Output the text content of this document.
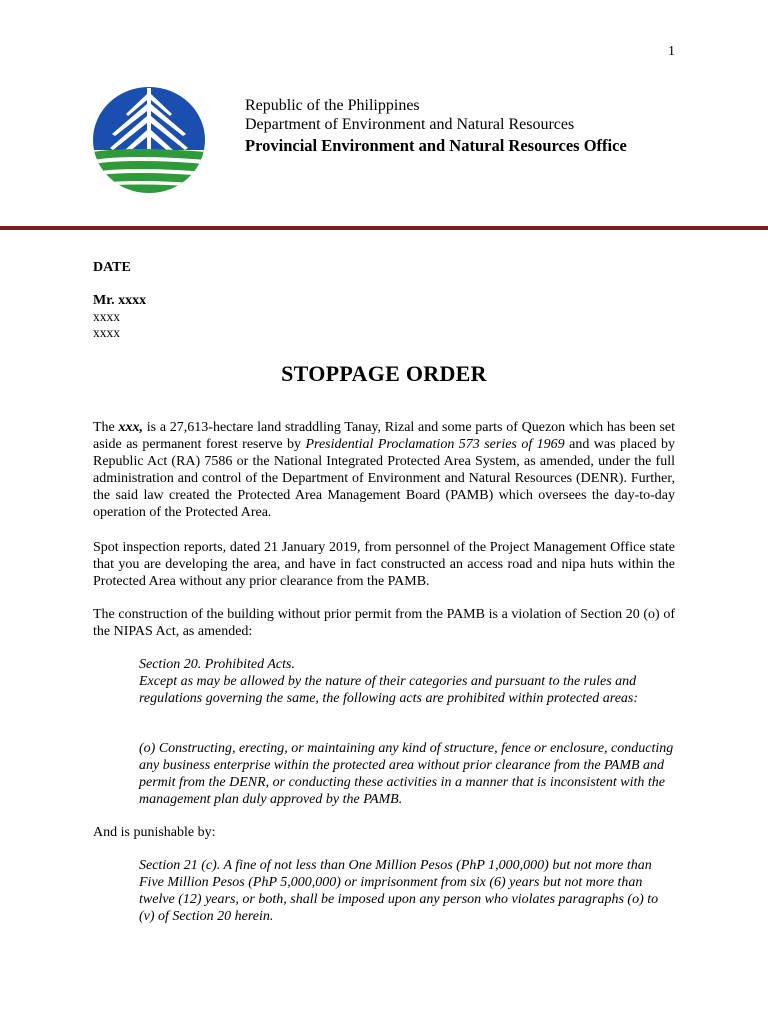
1
Republic of the Philippines
Department of Environment and Natural Resources
Provincial Environment and Natural Resources Office
DATE
Mr. xxxx
xxxx
xxxx
STOPPAGE ORDER

The xxx, is a 27,613-hectare land straddling Tanay, Rizal and some parts of Quezon which has been set aside as permanent forest reserve by Presidential Proclamation 573 series of 1969 and was placed by Republic Act (RA) 7586 or the National Integrated Protected Area System, as amended, under the full administration and control of the Department of Environment and Natural Resources (DENR). Further, the said law created the Protected Area Management Board (PAMB) which oversees the day-to-day operation of the Protected Area.

Spot inspection reports, dated 21 January 2019, from personnel of the Project Management Office state that you are developing the area, and have in fact constructed an access road and nipa huts within the Protected Area without any prior clearance from the PAMB.

The construction of the building without prior permit from the PAMB is a violation of Section 20 (o) of the NIPAS Act, as amended:

Section 20. Prohibited Acts.

Except as may be allowed by the nature of their categories and pursuant to the rules and regulations governing the same, the following acts are prohibited within protected areas:

(o) Constructing, erecting, or maintaining any kind of structure, fence or enclosure, conducting any business enterprise within the protected area without prior clearance from the PAMB and permit from the DENR, or conducting these activities in a manner that is inconsistent with the management plan duly approved by the PAMB.

And is punishable by:

Section 21 (c). A fine of not less than One Million Pesos (PhP 1,000,000) but not more than Five Million Pesos (PhP 5,000,000) or imprisonment from six (6) years but not more than twelve (12) years, or both, shall be imposed upon any person who violates paragraphs (o) to (v) of Section 20 herein.
